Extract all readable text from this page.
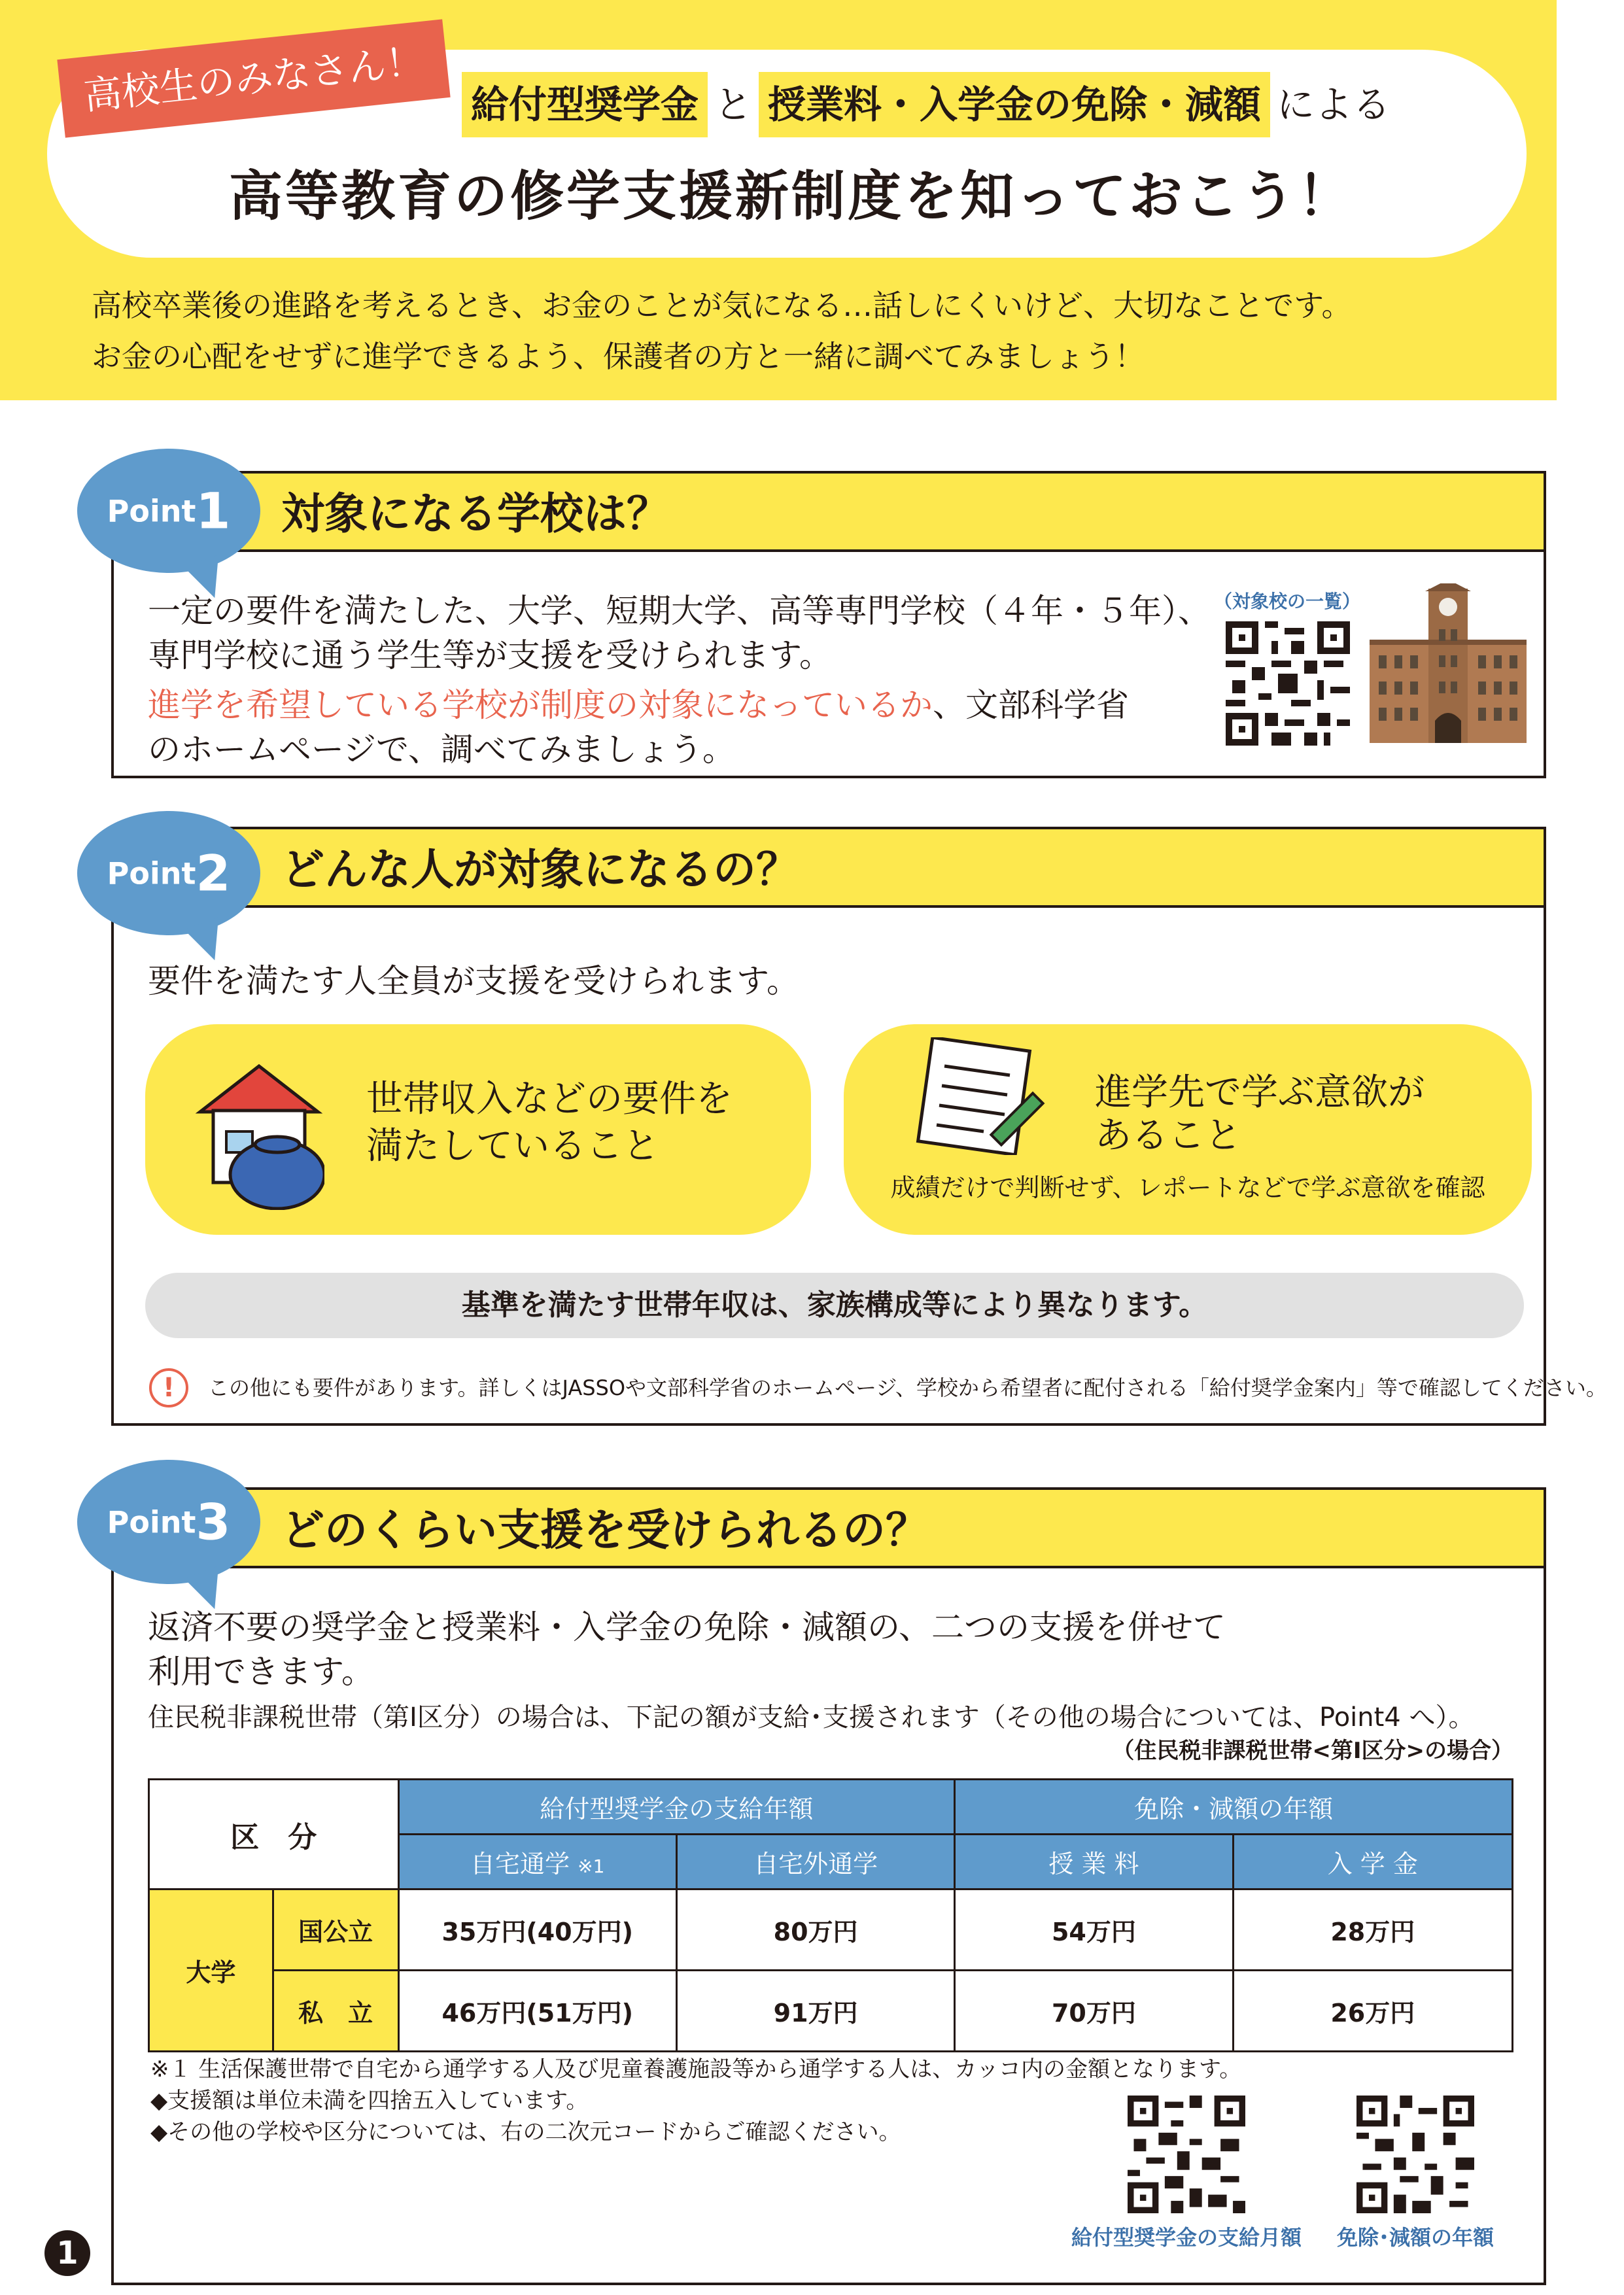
高校生のみなさん！	給付型奨学金 と 授業料・入学金の免除・減額 による
高等教育の修学支援新制度を知っておこう！
高校卒業後の進路を考えるとき、お金のことが気になる…話しにくいけど、大切なことです。
お金の心配をせずに進学できるよう、保護者の方と一緒に調べてみましょう！
対象になる学校は？
Point1
一定の要件を満たした、大学、短期大学、高等専門学校（４年・５年）、
専門学校に通う学生等が支援を受けられます。
進学を希望している学校が制度の対象になっているか、文部科学省
のホームページで、調べてみましょう。
（対象校の一覧）
どんな人が対象になるの？
Point2
要件を満たす人全員が支援を受けられます。
世帯収入などの要件を
満たしていること
進学先で学ぶ意欲が
あること
成績だけで判断せず、レポートなどで学ぶ意欲を確認
基準を満たす世帯年収は、家族構成等により異なります。
!	この他にも要件があります。詳しくはJASSOや文部科学省のホームページ、学校から希望者に配付される「給付奨学金案内」等で確認してください。
どのくらい支援を受けられるの？
Point3
返済不要の奨学金と授業料・入学金の免除・減額の、二つの支援を併せて
利用できます。
住民税非課税世帯（第Ⅰ区分）の場合は、下記の額が支給･支援されます（その他の場合については、Point4 へ）。
（住民税非課税世帯<第Ⅰ区分>の場合）
区　分		給付型奨学金の支給年額		免除・減額の年額	
		自宅通学 ※1	自宅外通学	授 業 料	入 学 金
大学	国公立	35万円(40万円)	80万円	54万円	28万円
	私　立	46万円(51万円)	91万円	70万円	26万円
※１ 生活保護世帯で自宅から通学する人及び児童養護施設等から通学する人は、カッコ内の金額となります。
◆支援額は単位未満を四捨五入しています。
◆その他の学校や区分については、右の二次元コードからご確認ください。
給付型奨学金の支給月額	免除･減額の年額
1
